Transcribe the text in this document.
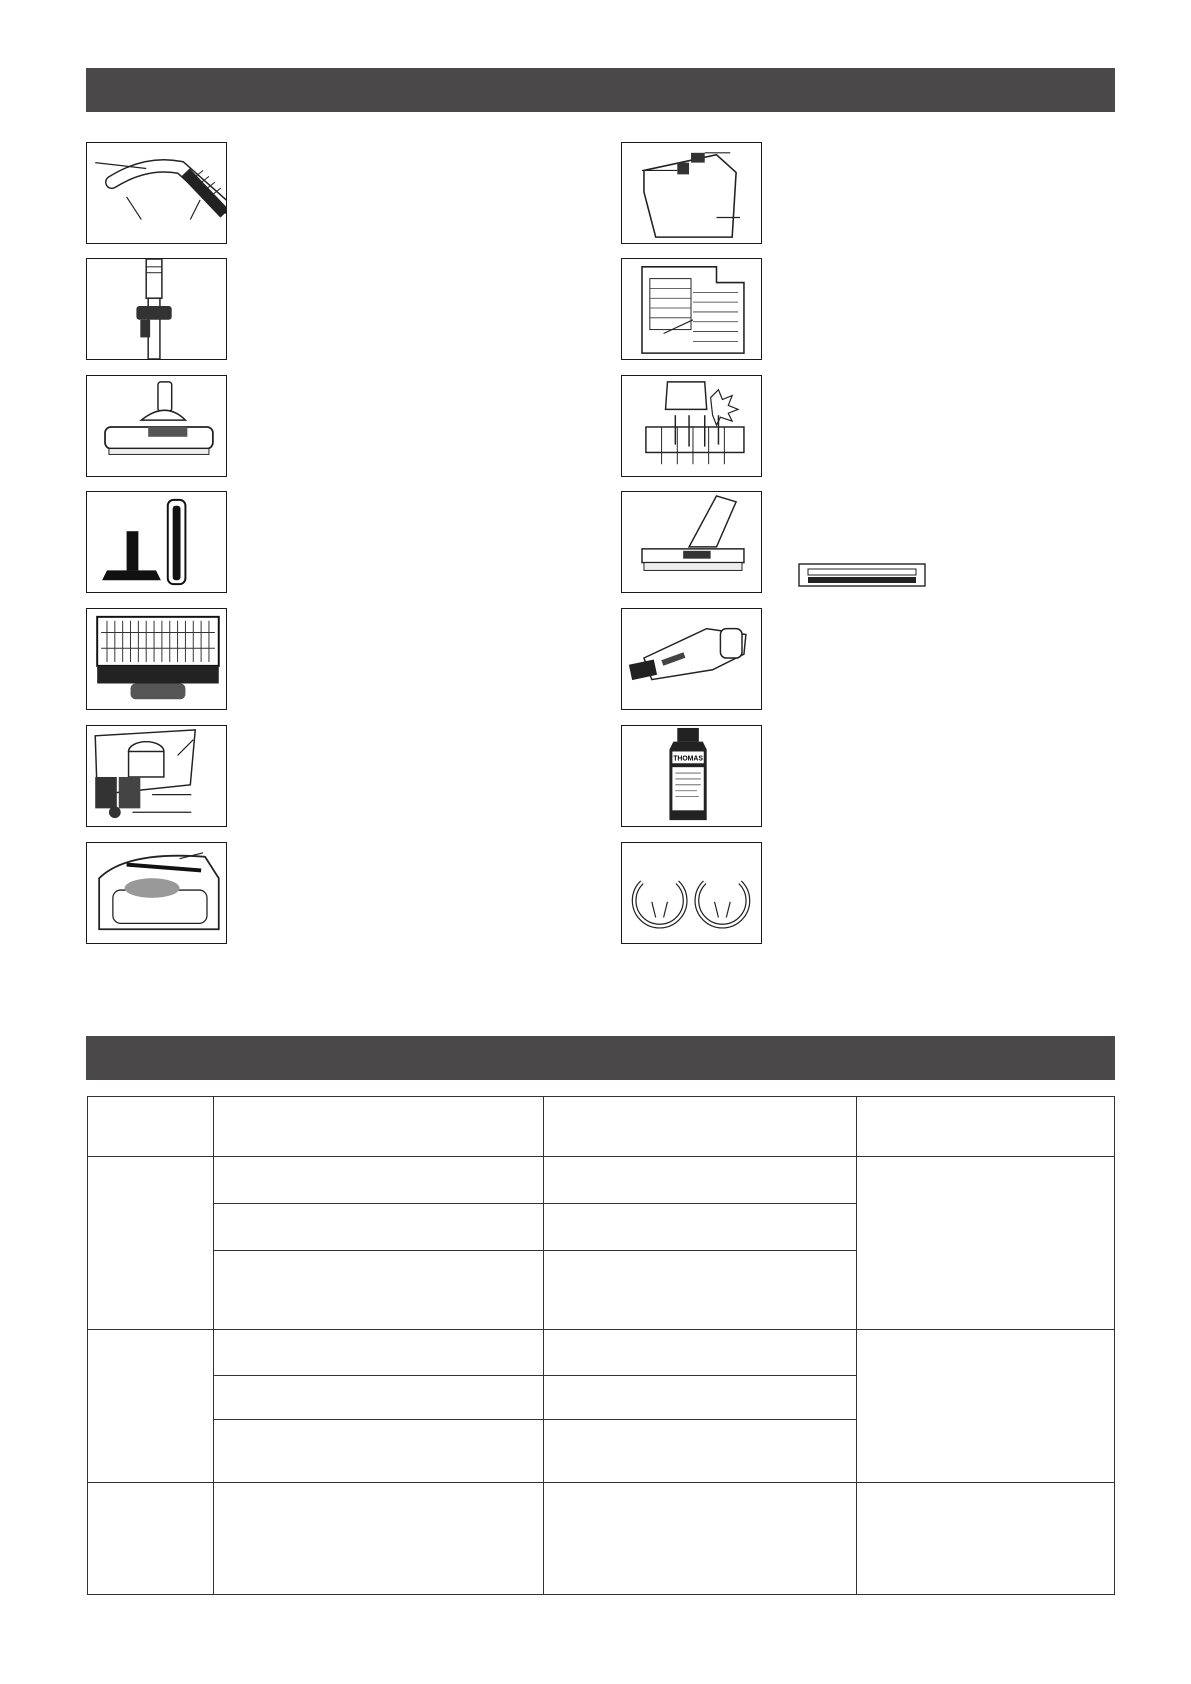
THOMAS
